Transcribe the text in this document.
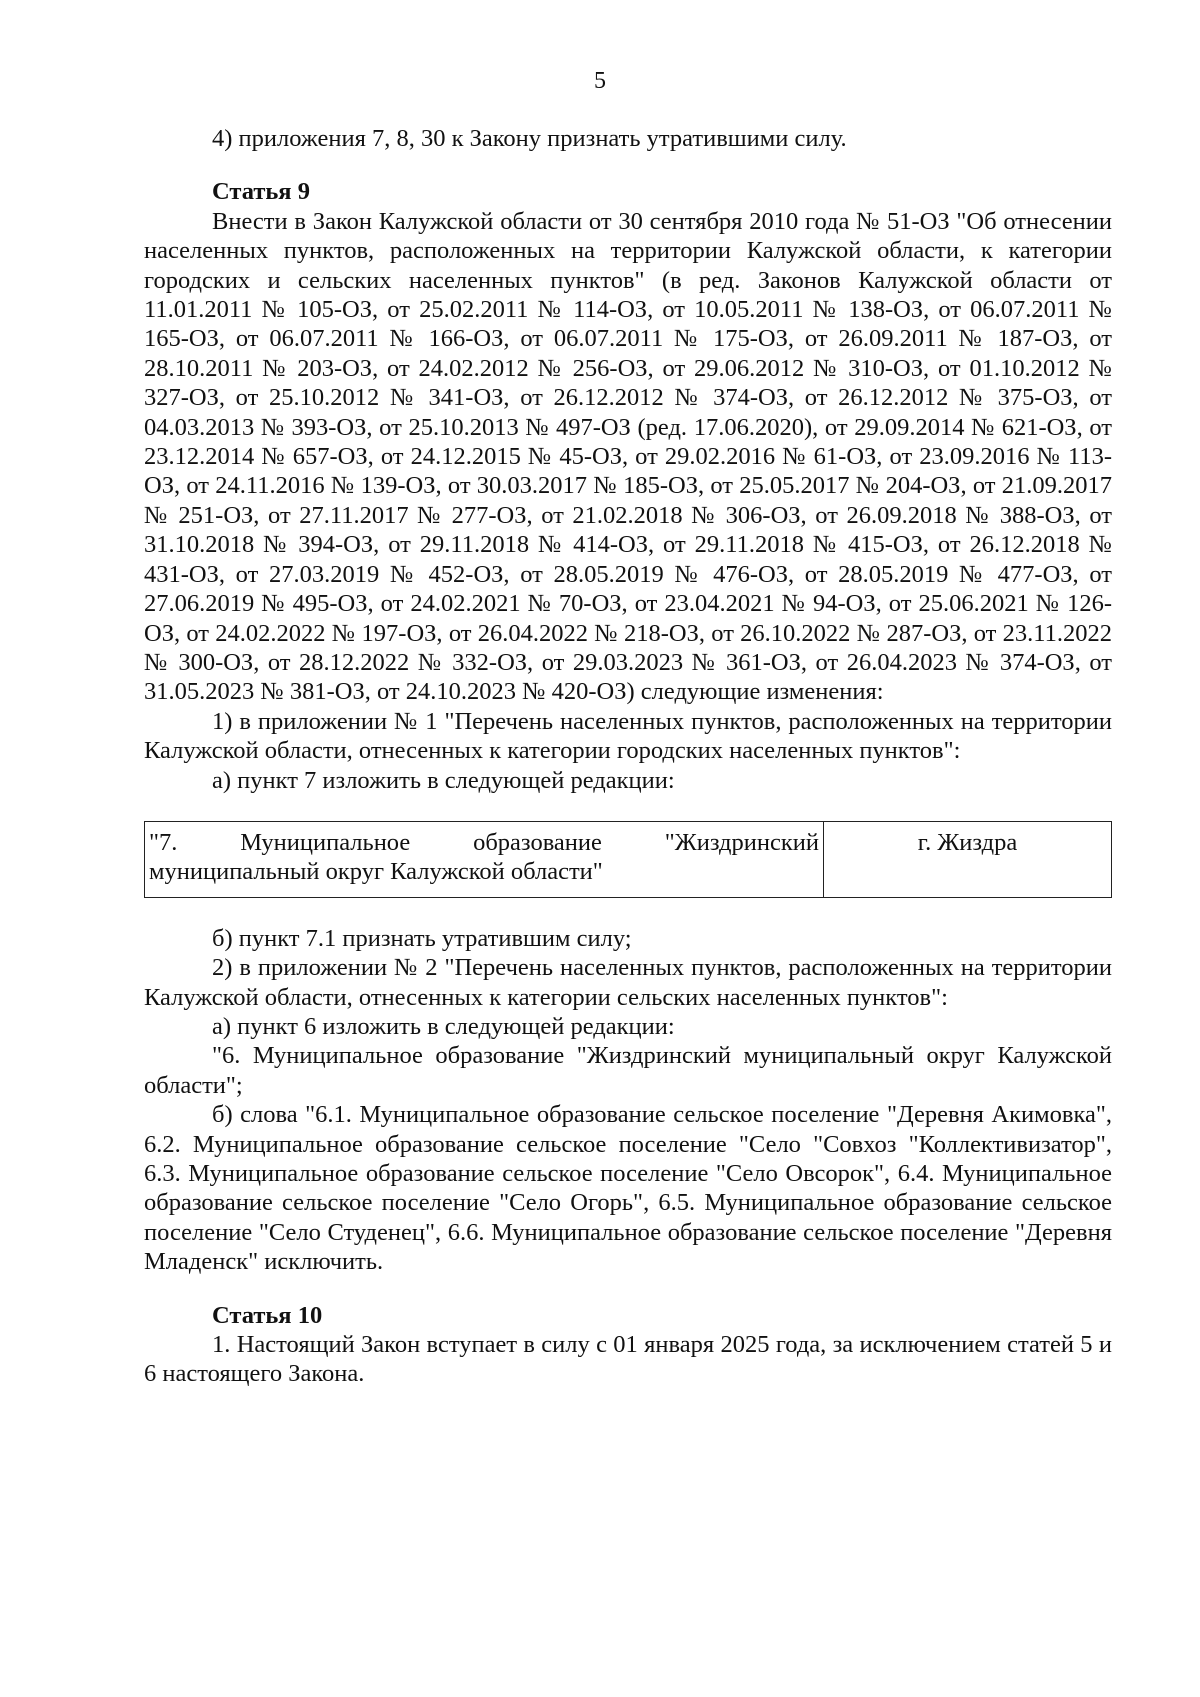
5

4) приложения 7, 8, 30 к Закону признать утратившими силу.

Статья 9

Внести в Закон Калужской области от 30 сентября 2010 года № 51-ОЗ "Об отнесении населенных пунктов, расположенных на территории Калужской области, к категории городских и сельских населенных пунктов" (в ред. Законов Калужской области от 11.01.2011 № 105-ОЗ, от 25.02.2011 № 114-ОЗ, от 10.05.2011 № 138-ОЗ, от 06.07.2011 № 165-ОЗ, от 06.07.2011 № 166-ОЗ, от 06.07.2011 № 175-ОЗ, от 26.09.2011 № 187-ОЗ, от 28.10.2011 № 203-ОЗ, от 24.02.2012 № 256-ОЗ, от 29.06.2012 № 310-ОЗ, от 01.10.2012 № 327-ОЗ, от 25.10.2012 № 341-ОЗ, от 26.12.2012 № 374-ОЗ, от 26.12.2012 № 375-ОЗ, от 04.03.2013 № 393-ОЗ, от 25.10.2013 № 497-ОЗ (ред. 17.06.2020), от 29.09.2014 № 621-ОЗ, от 23.12.2014 № 657-ОЗ, от 24.12.2015 № 45-ОЗ, от 29.02.2016 № 61-ОЗ, от 23.09.2016 № 113-ОЗ, от 24.11.2016 № 139-ОЗ, от 30.03.2017 № 185-ОЗ, от 25.05.2017 № 204-ОЗ, от 21.09.2017 № 251-ОЗ, от 27.11.2017 № 277-ОЗ, от 21.02.2018 № 306-ОЗ, от 26.09.2018 № 388-ОЗ, от 31.10.2018 № 394-ОЗ, от 29.11.2018 № 414-ОЗ, от 29.11.2018 № 415-ОЗ, от 26.12.2018 № 431-ОЗ, от 27.03.2019 № 452-ОЗ, от 28.05.2019 № 476-ОЗ, от 28.05.2019 № 477-ОЗ, от 27.06.2019 № 495-ОЗ, от 24.02.2021 № 70-ОЗ, от 23.04.2021 № 94-ОЗ, от 25.06.2021 № 126-ОЗ, от 24.02.2022 № 197-ОЗ, от 26.04.2022 № 218-ОЗ, от 26.10.2022 № 287-ОЗ, от 23.11.2022 № 300-ОЗ, от 28.12.2022 № 332-ОЗ, от 29.03.2023 № 361-ОЗ, от 26.04.2023 № 374-ОЗ, от 31.05.2023 № 381-ОЗ, от 24.10.2023 № 420-ОЗ) следующие изменения:

1) в приложении № 1 "Перечень населенных пунктов, расположенных на территории Калужской области, отнесенных к категории городских населенных пунктов":

а) пункт 7 изложить в следующей редакции:

"7. Муниципальное образование "Жиздринский муниципальный округ Калужской области"	г. Жиздра

б) пункт 7.1 признать утратившим силу;

2) в приложении № 2 "Перечень населенных пунктов, расположенных на территории Калужской области, отнесенных к категории сельских населенных пунктов":

а) пункт 6 изложить в следующей редакции:

"6. Муниципальное образование "Жиздринский муниципальный округ Калужской области";

б) слова "6.1. Муниципальное образование сельское поселение "Деревня Акимовка", 6.2. Муниципальное образование сельское поселение "Село "Совхоз "Коллективизатор", 6.3. Муниципальное образование сельское поселение "Село Овсорок", 6.4. Муниципальное образование сельское поселение "Село Огорь", 6.5. Муниципальное образование сельское поселение "Село Студенец", 6.6. Муниципальное образование сельское поселение "Деревня Младенск" исключить.

Статья 10

1. Настоящий Закон вступает в силу с 01 января 2025 года, за исключением статей 5 и 6 настоящего Закона.
